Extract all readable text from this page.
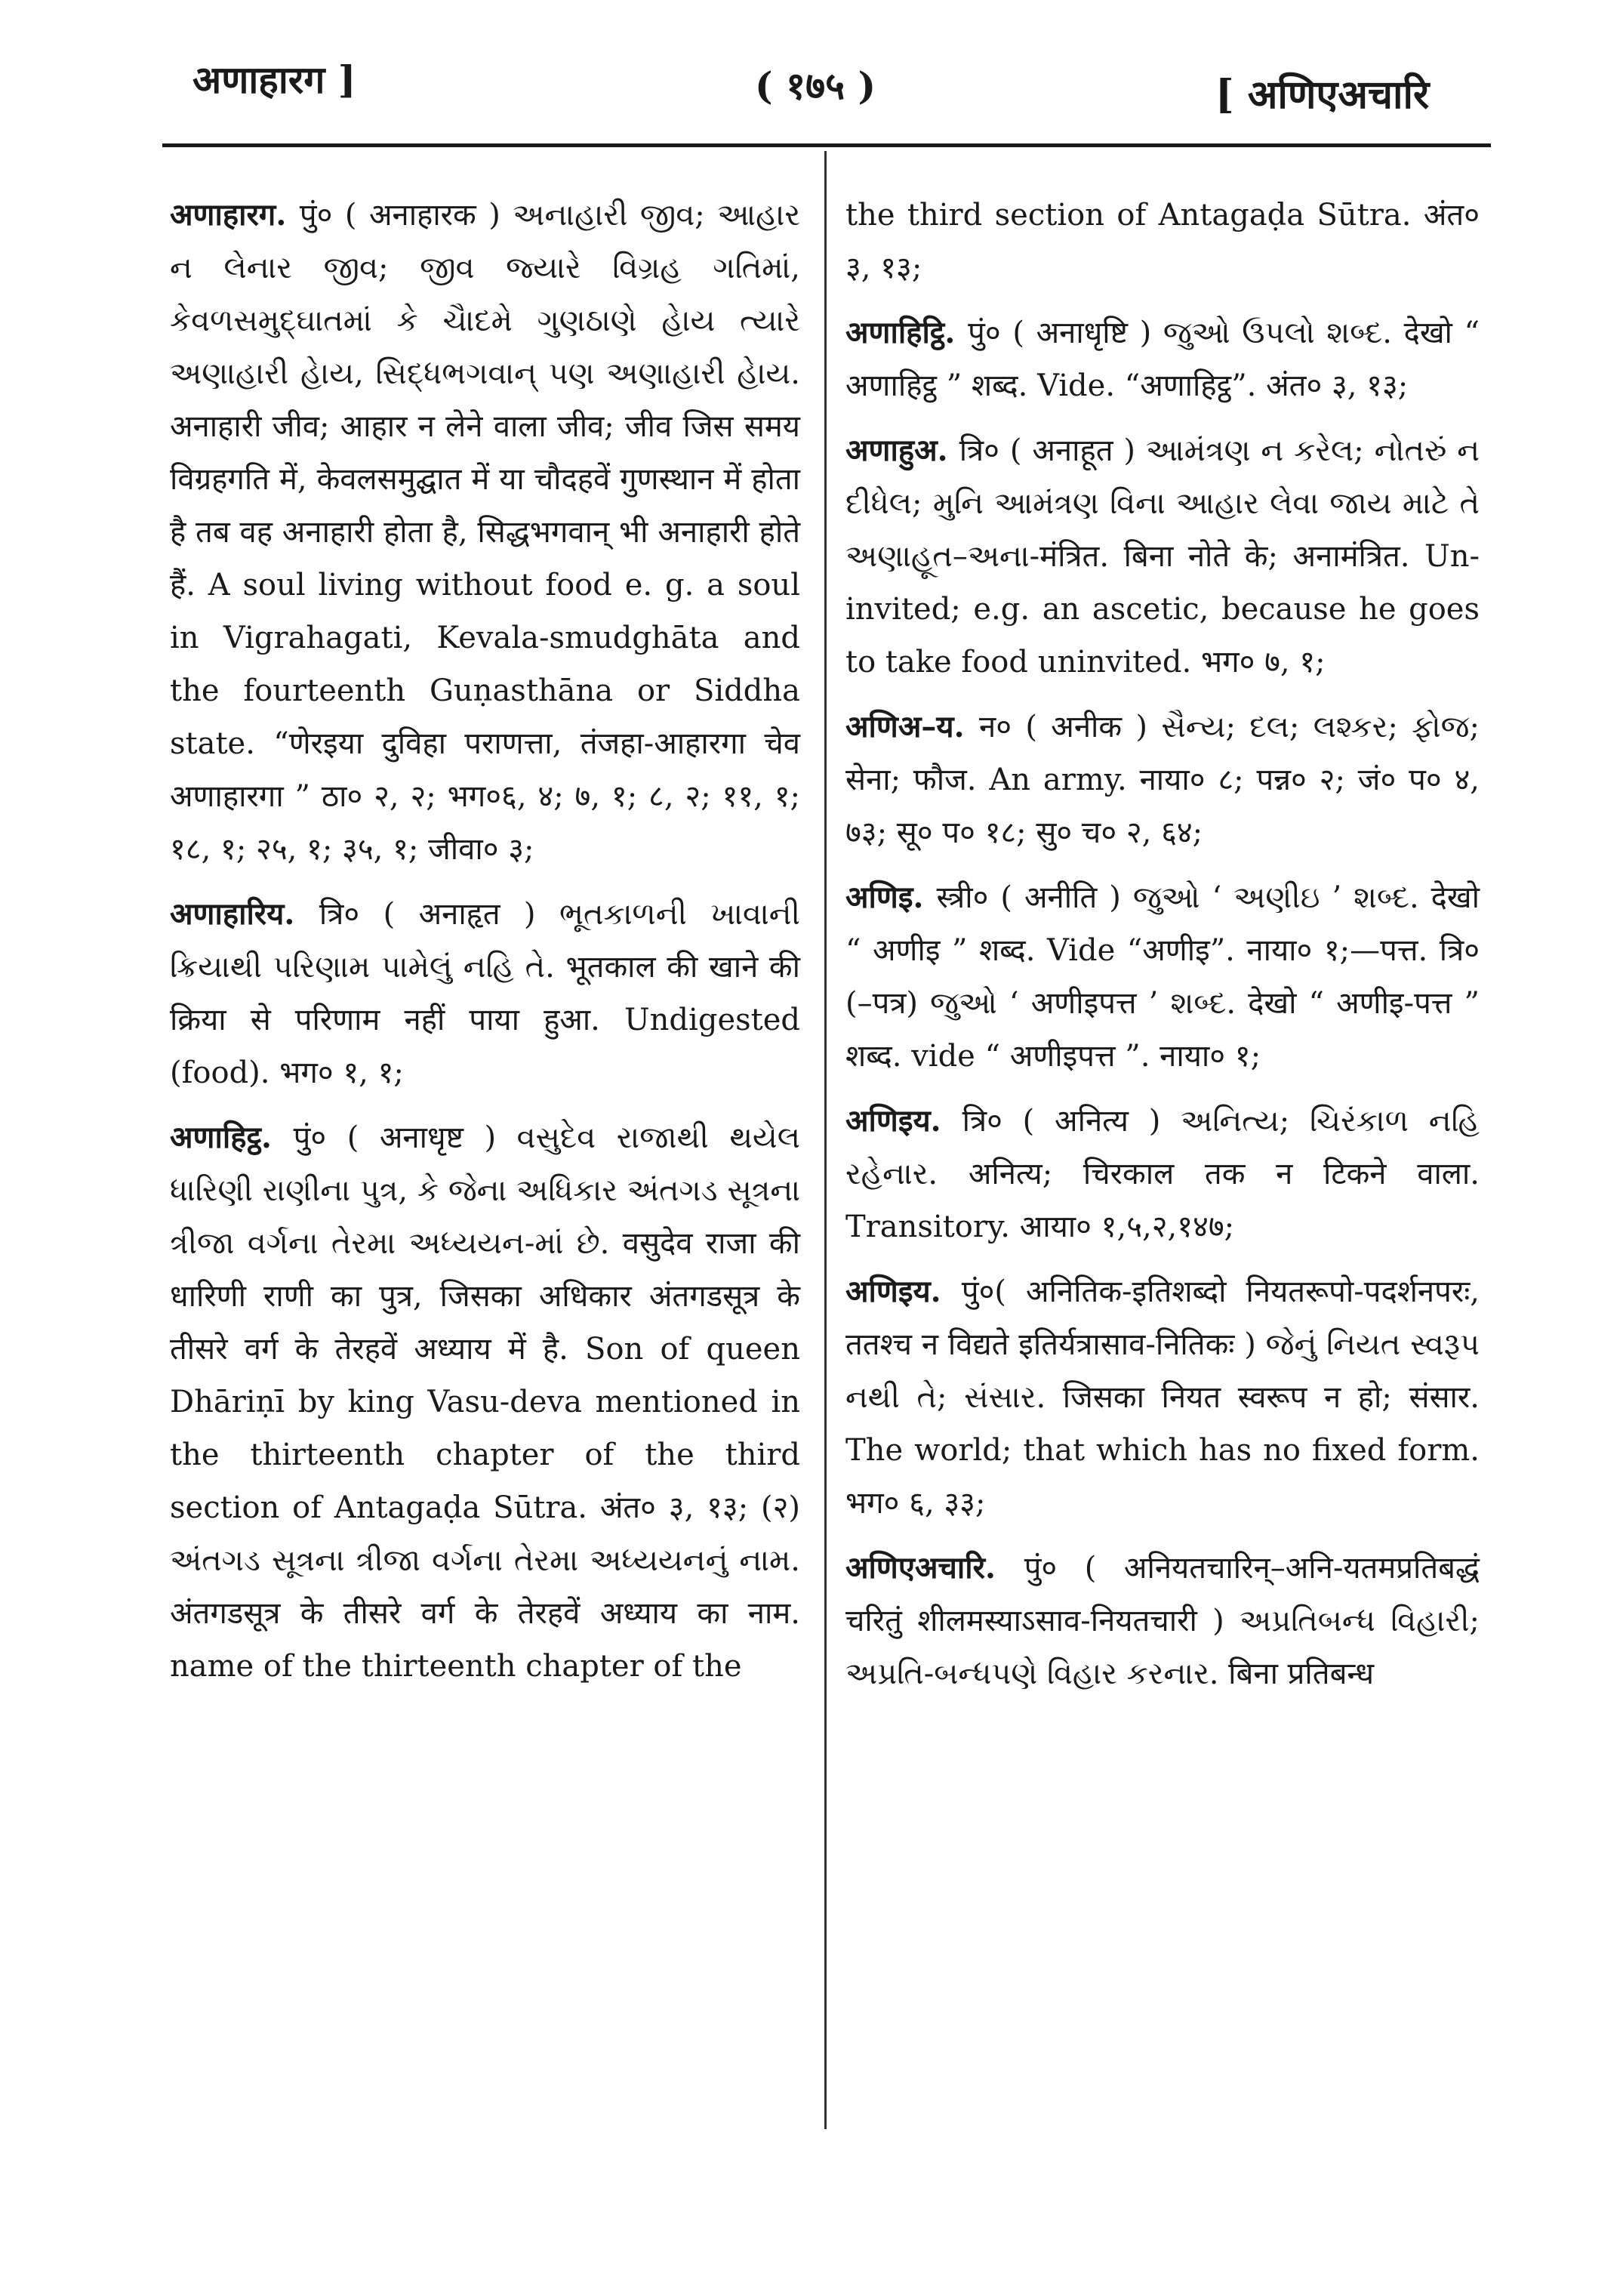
अणाहारग ]	( १७५ )	[ अणिएअचारि
अणाहारग. पुं० ( अनाहारक ) અનાહારી જીવ; આહાર ન લેનાર જીવ; જીવ જ્યારે વિગ્રહ ગતિમાં, કેવળસમુદ્ઘાતમાં કે ચૈાદમે ગુણઠાણે હેાય ત્યારે અણાહારી હેાય, સિદ્ધભગવાન્ પણ અણાહારી હેાય. अनाहारी जीव; आहार न लेने वाला जीव; जीव जिस समय विग्रहगति में, केवलसमुद्घात में या चौदहवें गुणस्थान में होता है तब वह अनाहारी होता है, सिद्धभगवान् भी अनाहारी होते हैं. A soul living without food e. g. a soul in Vigrahagati, Kevala-smudghāta and the fourteenth Guṇasthāna or Siddha state. “णेरइया दुविहा पराणत्ता, तंजहा-आहारगा चेव अणाहारगा ” ठा० २, २; भग०६, ४; ७, १; ८, २; ११, १; १८, १; २५, १; ३५, १; जीवा० ३;
अणाहारिय. त्रि० ( अनाहृत ) ભૂતકાળની ખાવાની ક્રિયાથી પરિણામ પામેલું નહિ તે. भूतकाल की खाने की क्रिया से परिणाम नहीं पाया हुआ. Undigested (food). भग० १, १;
अणाहिट्ठ. पुं० ( अनाधृष्ट ) વસુદેવ રાજાથી થયેલ ધારિણી રાણીના પુત્ર, કે જેના અધિકાર અંતગડ સૂત્રના ત્રીજા વર્ગના તેરમા અધ્યયન-માં છે. वसुदेव राजा की धारिणी राणी का पुत्र, जिसका अधिकार अंतगडसूत्र के तीसरे वर्ग के तेरहवें अध्याय में है. Son of queen Dhāriṇī by king Vasu-deva mentioned in the thirteenth chapter of the third section of Antagaḍa Sūtra. अंत० ३, १३; (२) અંતગડ સૂત્રના ત્રીજા વર્ગના તેરમા અધ્યયનનું નામ. अंतगडसूत्र के तीसरे वर्ग के तेरहवें अध्याय का नाम. name of the thirteenth chapter of the
the third section of Antagaḍa Sūtra. अंत० ३, १३;
अणाहिट्ठि. पुं० ( अनाधृष्टि ) જુઓ ઉપલો શબ્દ. देखो “ अणाहिट्ठ ” शब्द. Vide. “अणाहिट्ठ”. अंत० ३, १३;
अणाहुअ. त्रि० ( अनाहूत ) આમંત્રણ ન કરેલ; નોતરું ન દીધેલ; મુનિ આમંત્રણ વિના આહાર લેવા જાય માટે તે અણાહૂત–અના-मंत्रित. बिना नोते के; अनामंत्रित. Un-invited; e.g. an ascetic, because he goes to take food uninvited. भग० ७, १;
अणिअ–य. न० ( अनीक ) સૈન્ય; દલ; લશ્કર; ફોજ; सेना; फौज. An army. नाया० ८; पन्न० २; जं० प० ४, ७३; सू० प० १८; सु० च० २, ६४;
अणिइ. स्त्री० ( अनीति ) જુઓ ‘ અણીઇ ’ શબ્દ. देखो “ अणीइ ” शब्द. Vide “अणीइ”. नाया० १;—पत्त. त्रि० (–पत्र) જુઓ ‘ अणीइपत्त ’ શબ્દ. देखो “ अणीइ-पत्त ” शब्द. vide “ अणीइपत्त ”. नाया० १;
अणिइय. त्रि० ( अनित्य ) અનિત્ય; ચિરંકાળ નહિ રહેનાર. अनित्य; चिरकाल तक न टिकने वाला. Transitory. आया० १,५,२,१४७;
अणिइय. पुं०( अनितिक-इतिशब्दो नियतरूपो-पदर्शनपरः, ततश्च न विद्यते इतिर्यत्रासाव-नितिकः ) જેનું નિયત સ્વરૂપ નથી તે; સંસાર. जिसका नियत स्वरूप न हो; संसार. The world; that which has no fixed form. भग० ६, ३३;
अणिएअचारि. पुं० ( अनियतचारिन्–अनि-यतमप्रतिबद्धं चरितुं शीलमस्याऽसाव-नियतचारी ) અપ્રતિબન્ધ વિહારી; અપ્રતિ-બન્ધપણે વિહાર કરનાર. बिना प्रतिबन्ध
